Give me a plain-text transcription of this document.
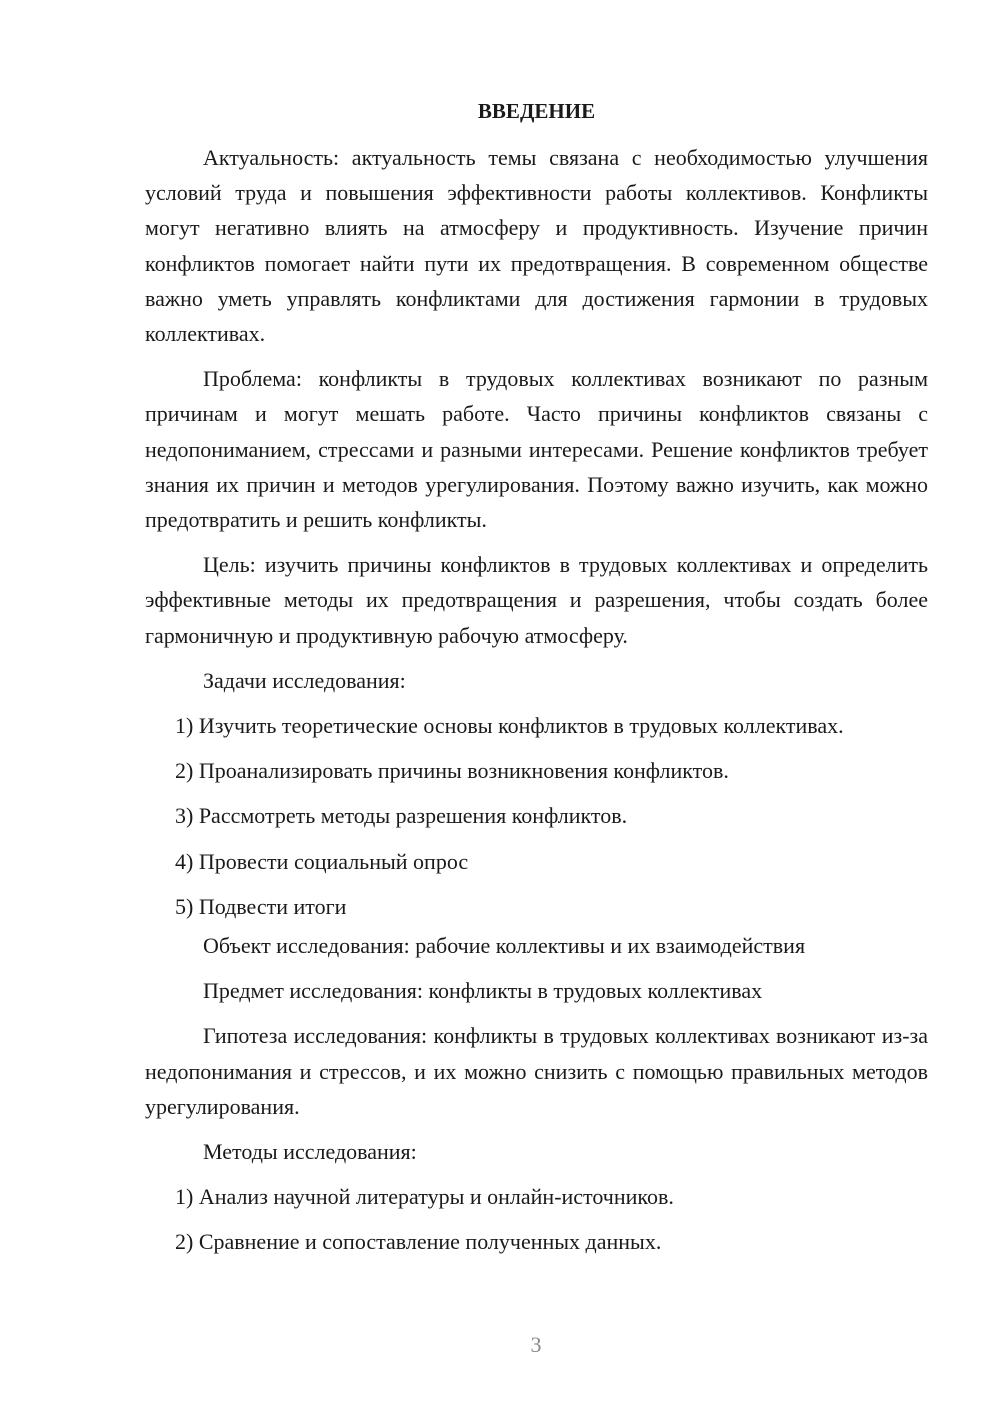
ВВЕДЕНИЕ

Актуальность: актуальность темы связана с необходимостью улучшения условий труда и повышения эффективности работы коллективов. Конфликты могут негативно влиять на атмосферу и продуктивность. Изучение причин конфликтов помогает найти пути их предотвращения. В современном обществе важно уметь управлять конфликтами для достижения гармонии в трудовых коллективах.

Проблема: конфликты в трудовых коллективах возникают по разным причинам и могут мешать работе. Часто причины конфликтов связаны с недопониманием, стрессами и разными интересами. Решение конфликтов требует знания их причин и методов урегулирования. Поэтому важно изучить, как можно предотвратить и решить конфликты.

Цель: изучить причины конфликтов в трудовых коллективах и определить эффективные методы их предотвращения и разрешения, чтобы создать более гармоничную и продуктивную рабочую атмосферу.

Задачи исследования:
1) Изучить теоретические основы конфликтов в трудовых коллективах.
2) Проанализировать причины возникновения конфликтов.
3) Рассмотреть методы разрешения конфликтов.
4) Провести социальный опрос
5) Подвести итоги
Объект исследования: рабочие коллективы и их взаимодействия
Предмет исследования: конфликты в трудовых коллективах

Гипотеза исследования: конфликты в трудовых коллективах возникают из-за недопонимания и стрессов, и их можно снизить с помощью правильных методов урегулирования.

Методы исследования:
1) Анализ научной литературы и онлайн-источников.
2) Сравнение и сопоставление полученных данных.
3
